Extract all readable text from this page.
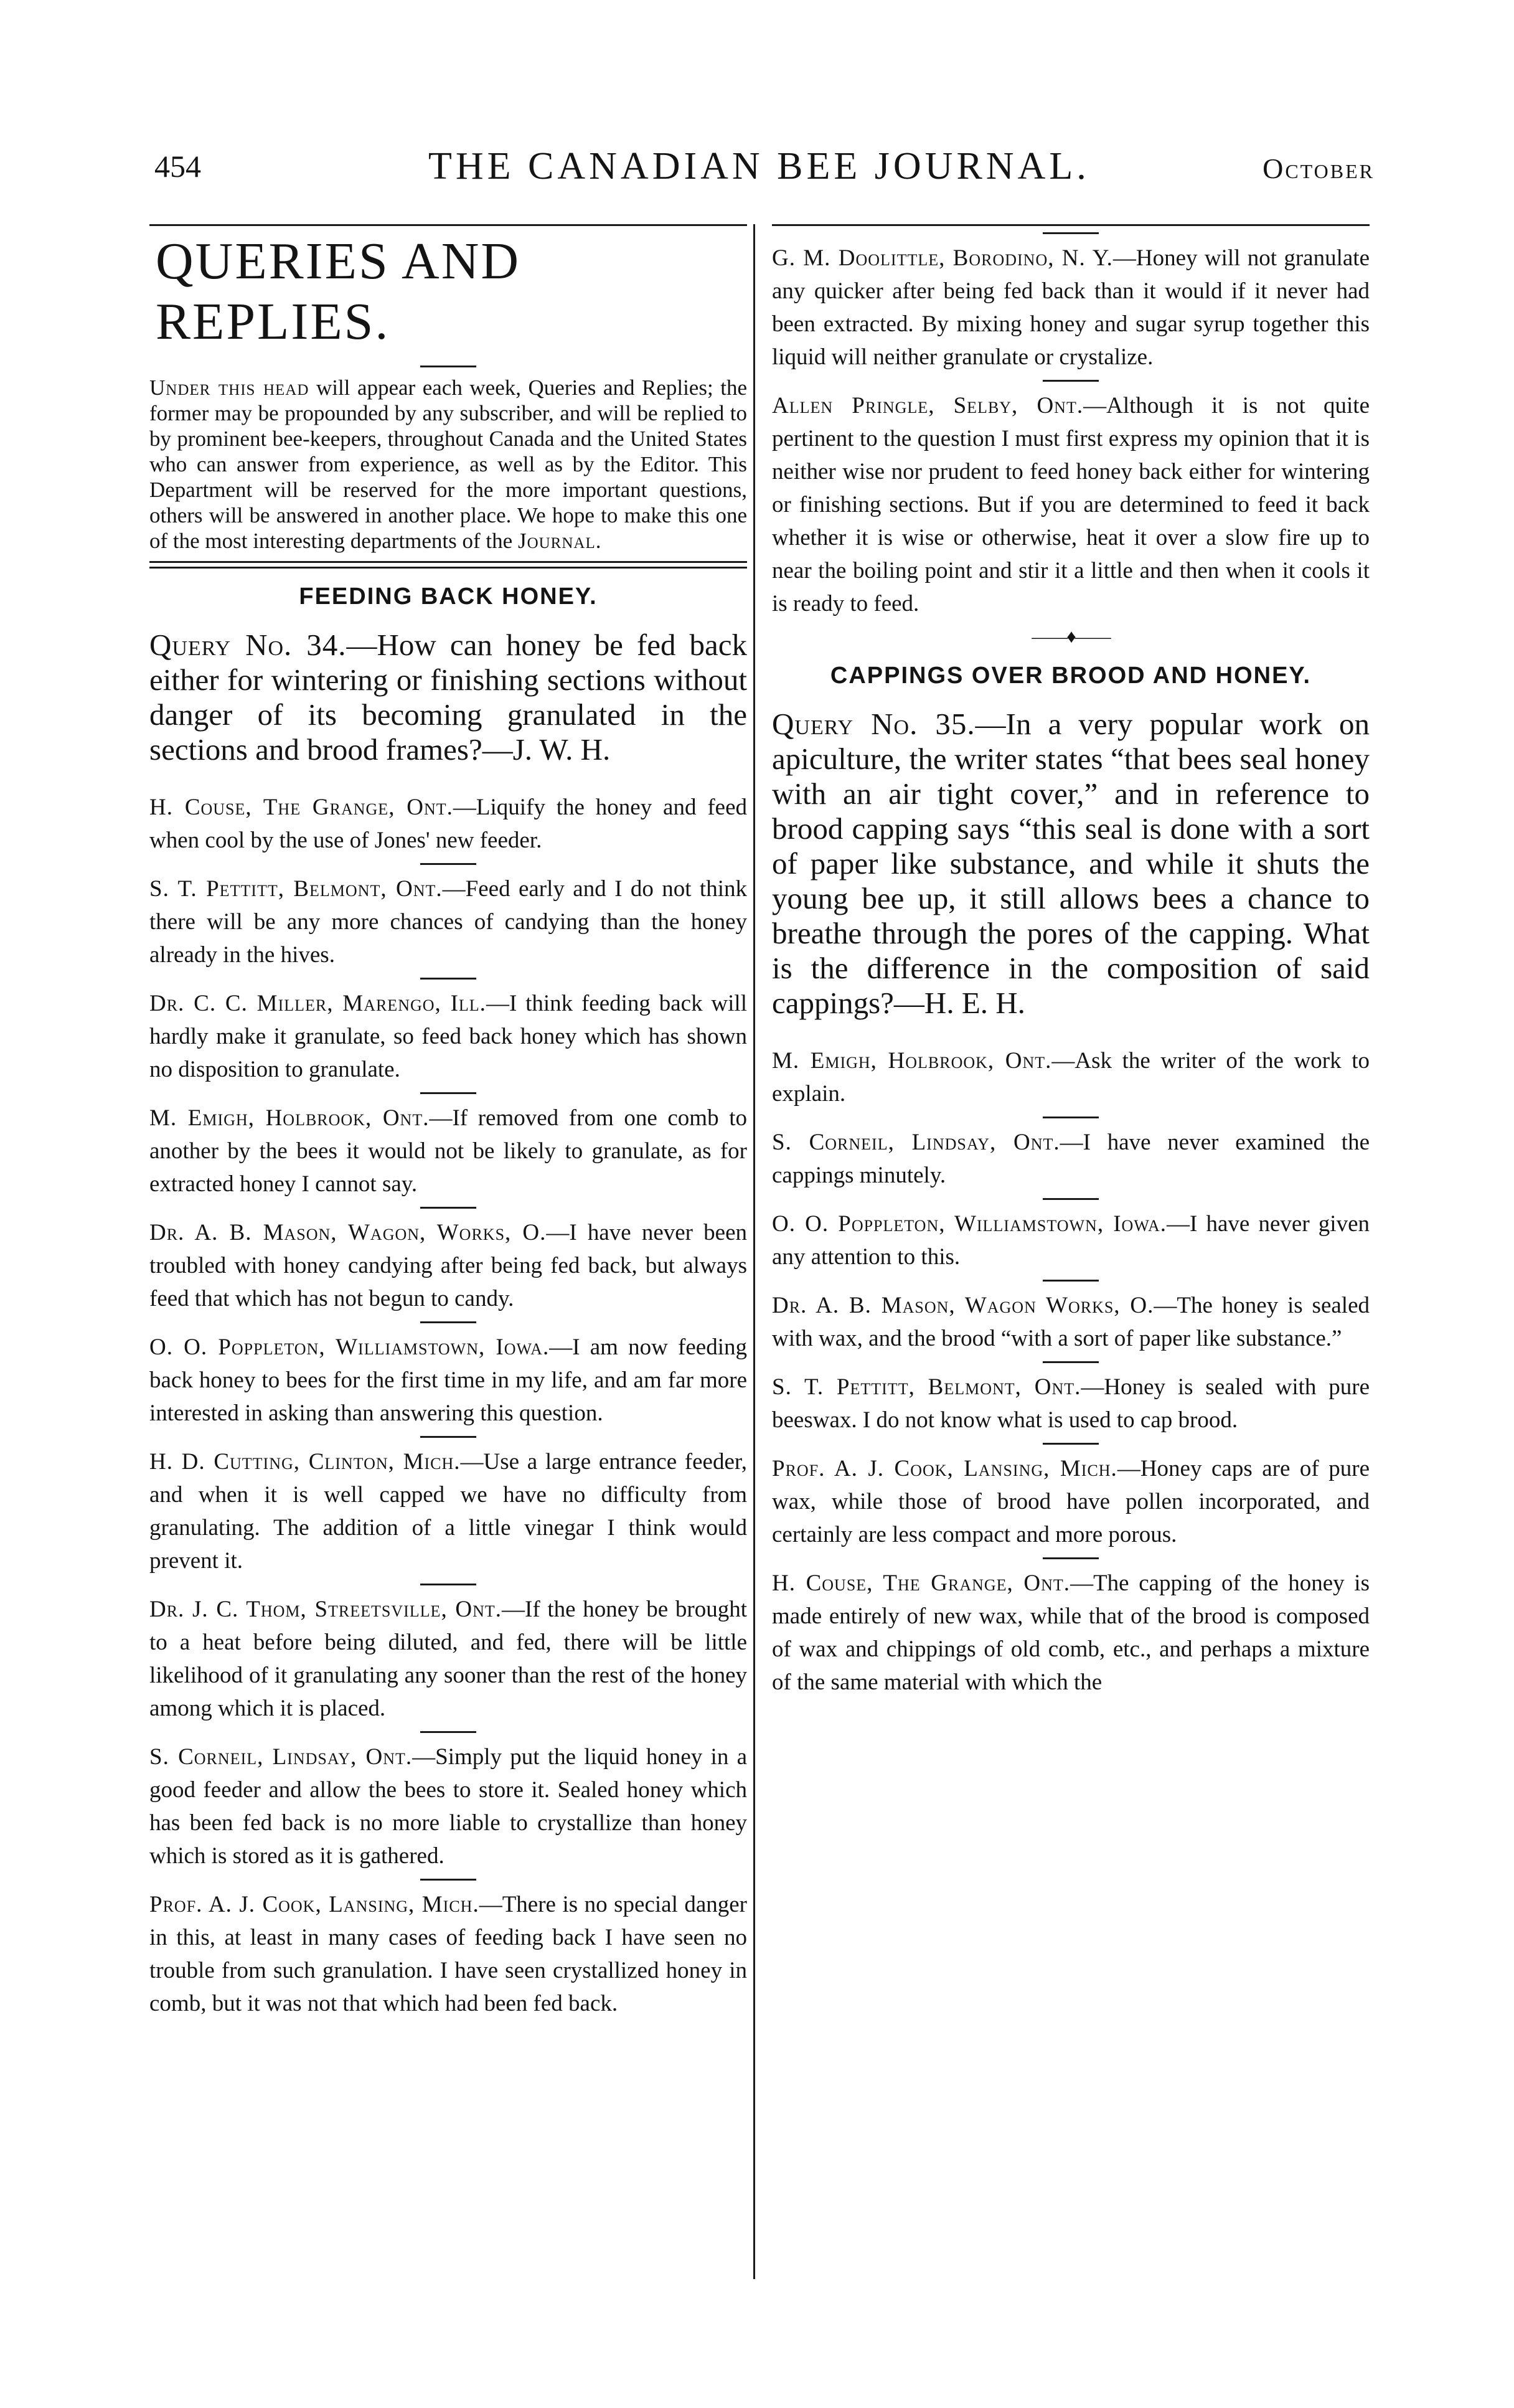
454	THE CANADIAN BEE JOURNAL.	October
QUERIES AND REPLIES.

Under this head will appear each week, Queries and Replies; the former may be propounded by any subscriber, and will be replied to by prominent bee-keepers, throughout Canada and the United States who can answer from experience, as well as by the Editor. This Department will be reserved for the more important questions, others will be answered in another place. We hope to make this one of the most interesting departments of the Journal.

FEEDING BACK HONEY.

Query No. 34.—How can honey be fed back either for wintering or finishing sections without danger of its becoming granulated in the sections and brood frames?—J. W. H.

H. Couse, The Grange, Ont.—Liquify the honey and feed when cool by the use of Jones' new feeder.

S. T. Pettitt, Belmont, Ont.—Feed early and I do not think there will be any more chances of candying than the honey already in the hives.

Dr. C. C. Miller, Marengo, Ill.—I think feeding back will hardly make it granulate, so feed back honey which has shown no disposition to granulate.

M. Emigh, Holbrook, Ont.—If removed from one comb to another by the bees it would not be likely to granulate, as for extracted honey I cannot say.

Dr. A. B. Mason, Wagon, Works, O.—I have never been troubled with honey candying after being fed back, but always feed that which has not begun to candy.

O. O. Poppleton, Williamstown, Iowa.—I am now feeding back honey to bees for the first time in my life, and am far more interested in asking than answering this question.

H. D. Cutting, Clinton, Mich.—Use a large entrance feeder, and when it is well capped we have no difficulty from granulating. The addition of a little vinegar I think would prevent it.

Dr. J. C. Thom, Streetsville, Ont.—If the honey be brought to a heat before being diluted, and fed, there will be little likelihood of it granulating any sooner than the rest of the honey among which it is placed.

S. Corneil, Lindsay, Ont.—Simply put the liquid honey in a good feeder and allow the bees to store it. Sealed honey which has been fed back is no more liable to crystallize than honey which is stored as it is gathered.

Prof. A. J. Cook, Lansing, Mich.—There is no special danger in this, at least in many cases of feeding back I have seen no trouble from such granulation. I have seen crystallized honey in comb, but it was not that which had been fed back.

G. M. Doolittle, Borodino, N. Y.—Honey will not granulate any quicker after being fed back than it would if it never had been extracted. By mixing honey and sugar syrup together this liquid will neither granulate or crystalize.

Allen Pringle, Selby, Ont.—Although it is not quite pertinent to the question I must first express my opinion that it is neither wise nor prudent to feed honey back either for wintering or finishing sections. But if you are determined to feed it back whether it is wise or otherwise, heat it over a slow fire up to near the boiling point and stir it a little and then when it cools it is ready to feed.

——♦——
CAPPINGS OVER BROOD AND HONEY.

Query No. 35.—In a very popular work on apiculture, the writer states “that bees seal honey with an air tight cover,” and in reference to brood capping says “this seal is done with a sort of paper like substance, and while it shuts the young bee up, it still allows bees a chance to breathe through the pores of the capping. What is the difference in the composition of said cappings?—H. E. H.

M. Emigh, Holbrook, Ont.—Ask the writer of the work to explain.

S. Corneil, Lindsay, Ont.—I have never examined the cappings minutely.

O. O. Poppleton, Williamstown, Iowa.—I have never given any attention to this.

Dr. A. B. Mason, Wagon Works, O.—The honey is sealed with wax, and the brood “with a sort of paper like substance.”

S. T. Pettitt, Belmont, Ont.—Honey is sealed with pure beeswax. I do not know what is used to cap brood.

Prof. A. J. Cook, Lansing, Mich.—Honey caps are of pure wax, while those of brood have pollen incorporated, and certainly are less compact and more porous.

H. Couse, The Grange, Ont.—The capping of the honey is made entirely of new wax, while that of the brood is composed of wax and chippings of old comb, etc., and perhaps a mixture of the same material with which the
